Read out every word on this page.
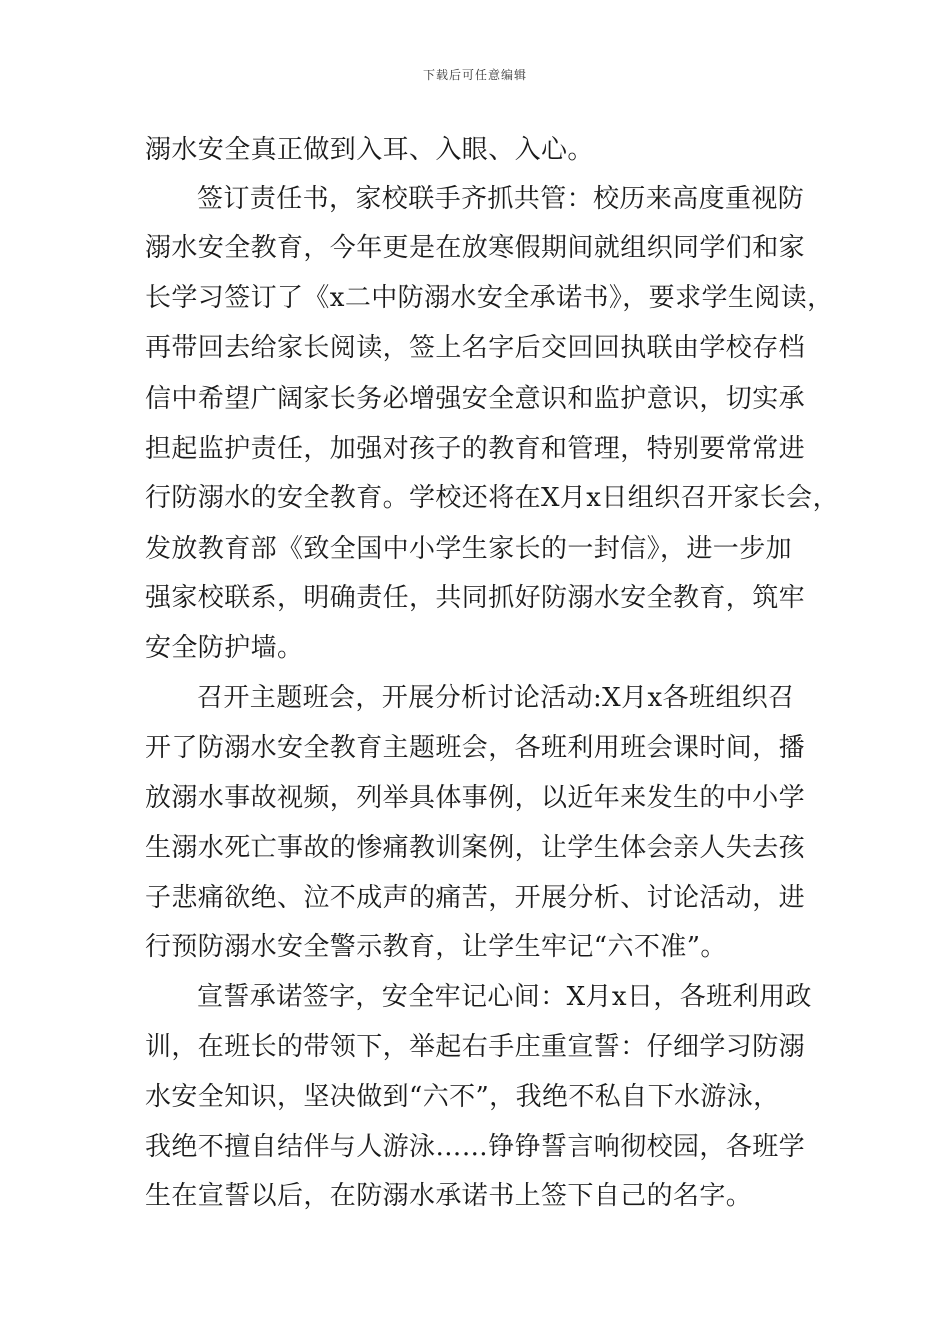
下载后可任意编辑
溺水安全真正做到入耳、入眼、入心。
签订责任书，家校联手齐抓共管：校历来高度重视防
溺水安全教育，今年更是在放寒假期间就组织同学们和家
长学习签订了《x二中防溺水安全承诺书》，要求学生阅读，
再带回去给家长阅读，签上名字后交回回执联由学校存档
信中希望广阔家长务必增强安全意识和监护意识，切实承
担起监护责任，加强对孩子的教育和管理，特别要常常进
行防溺水的安全教育。学校还将在X月x日组织召开家长会，
发放教育部《致全国中小学生家长的一封信》，进一步加
强家校联系，明确责任，共同抓好防溺水安全教育，筑牢
安全防护墙。
召开主题班会，开展分析讨论活动:X月x各班组织召
开了防溺水安全教育主题班会，各班利用班会课时间，播
放溺水事故视频，列举具体事例，以近年来发生的中小学
生溺水死亡事故的惨痛教训案例，让学生体会亲人失去孩
子悲痛欲绝、泣不成声的痛苦，开展分析、讨论活动，进
行预防溺水安全警示教育，让学生牢记“六不准”。
宣誓承诺签字，安全牢记心间：X月x日，各班利用政
训，在班长的带领下，举起右手庄重宣誓：仔细学习防溺
水安全知识，坚决做到“六不”，我绝不私自下水游泳，
我绝不擅自结伴与人游泳……铮铮誓言响彻校园，各班学
生在宣誓以后，在防溺水承诺书上签下自己的名字。
